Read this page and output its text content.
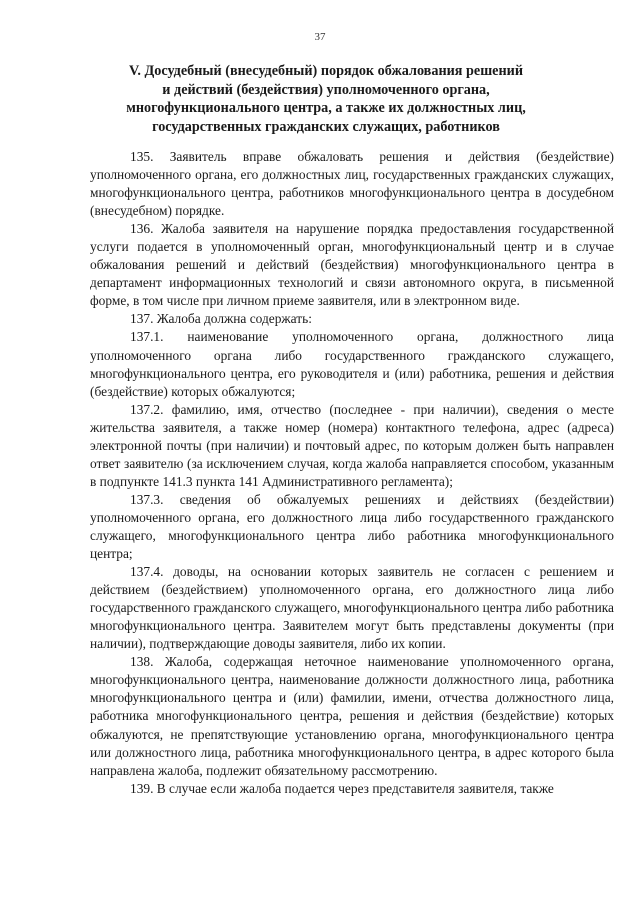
37
V. Досудебный (внесудебный) порядок обжалования решений
и действий (бездействия) уполномоченного органа,
многофункционального центра, а также их должностных лиц,
государственных гражданских служащих, работников

135. Заявитель вправе обжаловать решения и действия (бездействие) уполномоченного органа, его должностных лиц, государственных гражданских служащих, многофункционального центра, работников многофункционального центра в досудебном (внесудебном) порядке.

136. Жалоба заявителя на нарушение порядка предоставления государственной услуги подается в уполномоченный орган, многофункциональный центр и в случае обжалования решений и действий (бездействия) многофункционального центра в департамент информационных технологий и связи автономного округа, в письменной форме, в том числе при личном приеме заявителя, или в электронном виде.

137. Жалоба должна содержать:

137.1. наименование уполномоченного органа, должностного лица уполномоченного органа либо государственного гражданского служащего, многофункционального центра, его руководителя и (или) работника, решения и действия (бездействие) которых обжалуются;

137.2. фамилию, имя, отчество (последнее - при наличии), сведения о месте жительства заявителя, а также номер (номера) контактного телефона, адрес (адреса) электронной почты (при наличии) и почтовый адрес, по которым должен быть направлен ответ заявителю (за исключением случая, когда жалоба направляется способом, указанным в подпункте 141.3 пункта 141 Административного регламента);

137.3. сведения об обжалуемых решениях и действиях (бездействии) уполномоченного органа, его должностного лица либо государственного гражданского служащего, многофункционального центра либо работника многофункционального центра;

137.4. доводы, на основании которых заявитель не согласен с решением и действием (бездействием) уполномоченного органа, его должностного лица либо государственного гражданского служащего, многофункционального центра либо работника многофункционального центра. Заявителем могут быть представлены документы (при наличии), подтверждающие доводы заявителя, либо их копии.

138. Жалоба, содержащая неточное наименование уполномоченного органа, многофункционального центра, наименование должности должностного лица, работника многофункционального центра и (или) фамилии, имени, отчества должностного лица, работника многофункционального центра, решения и действия (бездействие) которых обжалуются, не препятствующие установлению органа, многофункционального центра или должностного лица, работника многофункционального центра, в адрес которого была направлена жалоба, подлежит обязательному рассмотрению.

139. В случае если жалоба подается через представителя заявителя, также
